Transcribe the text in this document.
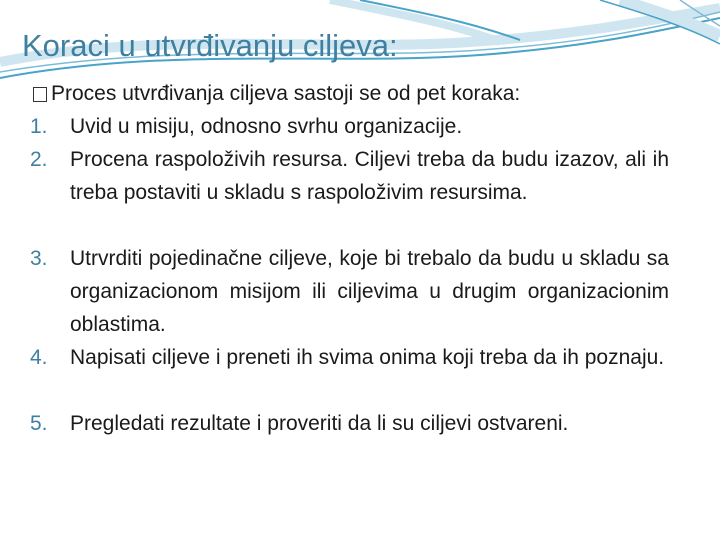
Koraci u utvrđivanju ciljeva:
Proces utvrđivanja ciljeva sastoji se od pet koraka:
1. Uvid u misiju, odnosno svrhu organizacije.
2. Procena raspoloživih resursa. Ciljevi treba da budu izazov, ali ih treba postaviti u skladu s raspoloživim resursima.
3. Utrvrditi pojedinačne ciljeve, koje bi trebalo da budu u skladu sa organizacionom misijom ili ciljevima u drugim organizacionim oblastima.
4. Napisati ciljeve i preneti ih svima onima koji treba da ih poznaju.
5. Pregledati rezultate i proveriti da li su ciljevi ostvareni.
